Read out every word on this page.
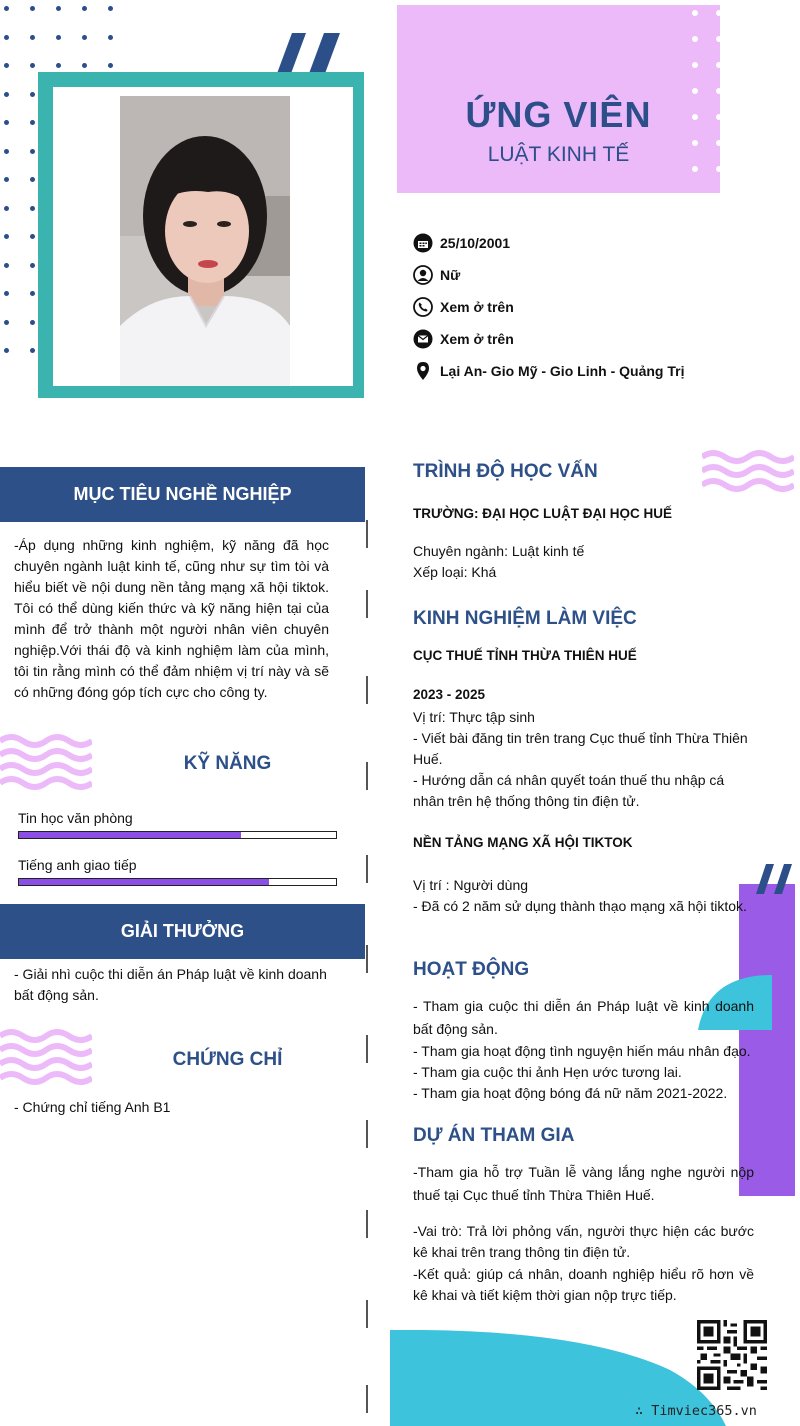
ỨNG VIÊN
LUẬT KINH TẾ
25/10/2001
Nữ
Xem ở trên
Xem ở trên
Lại An- Gio Mỹ - Gio Linh - Quảng Trị
MỤC TIÊU NGHỀ NGHIỆP
-Áp dụng những kinh nghiệm, kỹ năng đã học chuyên ngành luật kinh tế, cũng như sự tìm tòi và hiểu biết về nội dung nền tảng mạng xã hội tiktok. Tôi có thể dùng kiến thức và kỹ năng hiện tại của mình để trở thành một người nhân viên chuyên nghiệp.Với thái độ và kinh nghiệm làm của mình, tôi tin rằng mình có thể đảm nhiệm vị trí này và sẽ có những đóng góp tích cực cho công ty.
KỸ NĂNG
Tin học văn phòng
Tiếng anh giao tiếp
GIẢI THƯỞNG
- Giải nhì cuộc thi diễn án Pháp luật về kinh doanh bất động sản.
CHỨNG CHỈ
- Chứng chỉ tiếng Anh B1
TRÌNH ĐỘ HỌC VẤN
TRƯỜNG: ĐẠI HỌC LUẬT ĐẠI HỌC HUẾ
Chuyên ngành: Luật kinh tế
Xếp loại: Khá
KINH NGHIỆM LÀM VIỆC
CỤC THUẾ TỈNH THỪA THIÊN HUẾ
2023 - 2025
Vị trí: Thực tập sinh
- Viết bài đăng tin trên trang Cục thuế tỉnh Thừa Thiên Huế.
- Hướng dẫn cá nhân quyết toán thuế thu nhập cá nhân trên hệ thống thông tin điện tử.
NỀN TẢNG MẠNG XÃ HỘI TIKTOK
Vị trí : Người dùng
- Đã có 2 năm sử dụng thành thạo mạng xã hội tiktok.
HOẠT ĐỘNG
- Tham gia cuộc thi diễn án Pháp luật về kinh doanh bất động sản.
- Tham gia hoạt động tình nguyện hiến máu nhân đạo.
- Tham gia cuộc thi ảnh Hẹn ước tương lai.
- Tham gia hoạt động bóng đá nữ năm 2021-2022.
DỰ ÁN THAM GIA
-Tham gia hỗ trợ Tuần lễ vàng lắng nghe người nộp thuế tại Cục thuế tỉnh Thừa Thiên Huế.
-Vai trò: Trả lời phỏng vấn, người thực hiện các bước kê khai trên trang thông tin điện tử.
-Kết quả: giúp cá nhân, doanh nghiệp hiểu rõ hơn về kê khai và tiết kiệm thời gian nộp trực tiếp.
∴ Timviec365.vn
